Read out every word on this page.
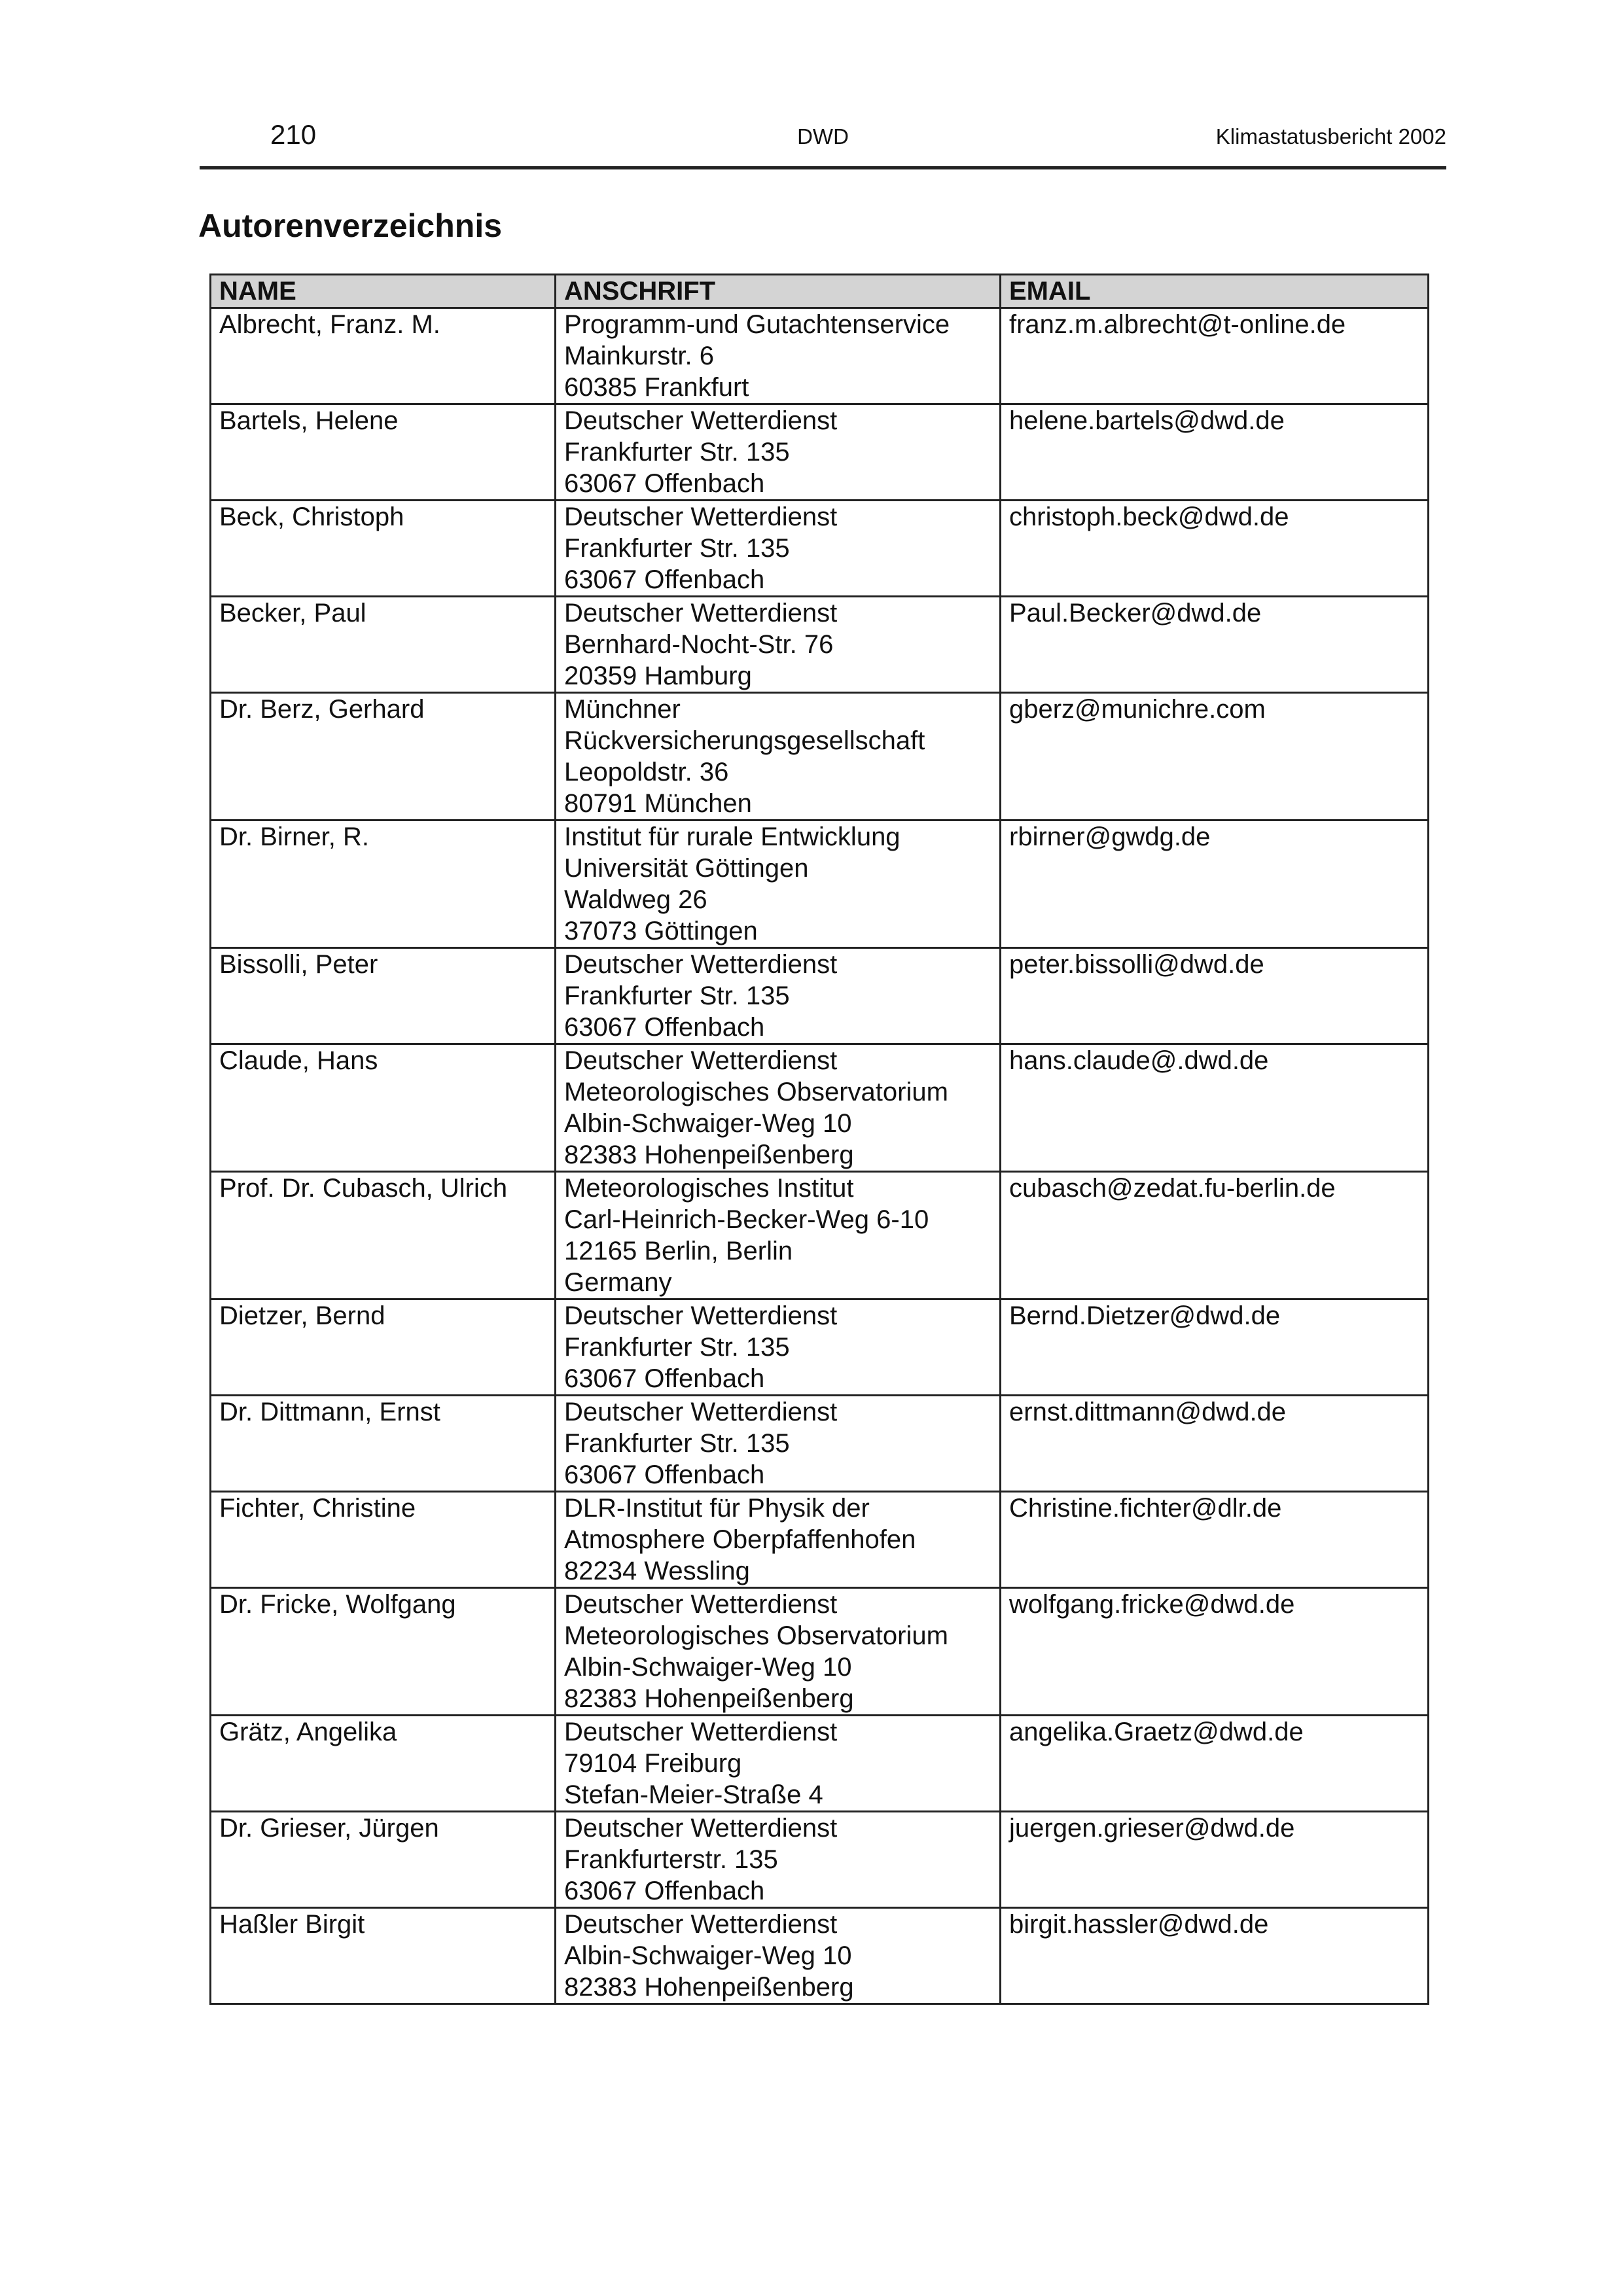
210	DWD	Klimastatusbericht 2002
Autorenverzeichnis
NAME	ANSCHRIFT	EMAIL
Albrecht, Franz. M.	Programm-und Gutachtenservice
Mainkurstr. 6
60385 Frankfurt	franz.m.albrecht@t-online.de
Bartels, Helene	Deutscher Wetterdienst
Frankfurter Str. 135
63067 Offenbach	helene.bartels@dwd.de
Beck, Christoph	Deutscher Wetterdienst
Frankfurter Str. 135
63067 Offenbach	christoph.beck@dwd.de
Becker, Paul	Deutscher Wetterdienst
Bernhard-Nocht-Str. 76
20359 Hamburg	Paul.Becker@dwd.de
Dr. Berz, Gerhard	Münchner
Rückversicherungsgesellschaft
Leopoldstr. 36
80791 München	gberz@munichre.com
Dr. Birner, R.	Institut für rurale Entwicklung
Universität Göttingen
Waldweg 26
37073 Göttingen	rbirner@gwdg.de
Bissolli, Peter	Deutscher Wetterdienst
Frankfurter Str. 135
63067 Offenbach	peter.bissolli@dwd.de
Claude, Hans	Deutscher Wetterdienst
Meteorologisches Observatorium
Albin-Schwaiger-Weg 10
82383 Hohenpeißenberg	hans.claude@.dwd.de
Prof. Dr. Cubasch, Ulrich	Meteorologisches Institut
Carl-Heinrich-Becker-Weg 6-10
12165 Berlin, Berlin
Germany	cubasch@zedat.fu-berlin.de
Dietzer, Bernd	Deutscher Wetterdienst
Frankfurter Str. 135
63067 Offenbach	Bernd.Dietzer@dwd.de
Dr. Dittmann, Ernst	Deutscher Wetterdienst
Frankfurter Str. 135
63067 Offenbach	ernst.dittmann@dwd.de
Fichter, Christine	DLR-Institut für Physik der
Atmosphere Oberpfaffenhofen
82234 Wessling	Christine.fichter@dlr.de
Dr. Fricke, Wolfgang	Deutscher Wetterdienst
Meteorologisches Observatorium
Albin-Schwaiger-Weg 10
82383 Hohenpeißenberg	wolfgang.fricke@dwd.de
Grätz, Angelika	Deutscher Wetterdienst
79104 Freiburg
Stefan-Meier-Straße 4	angelika.Graetz@dwd.de
Dr. Grieser, Jürgen	Deutscher Wetterdienst
Frankfurterstr. 135
63067 Offenbach	juergen.grieser@dwd.de
Haßler Birgit	Deutscher Wetterdienst
Albin-Schwaiger-Weg 10
82383 Hohenpeißenberg	birgit.hassler@dwd.de
